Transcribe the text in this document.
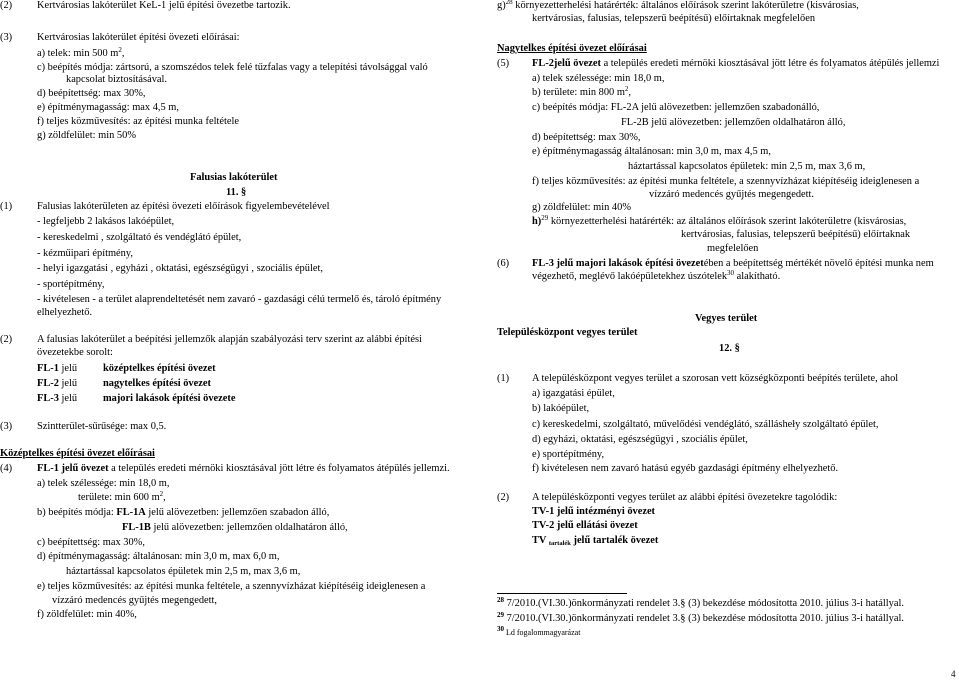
(2) Kertvárosias lakóterület KeL-1 jelű építési övezetbe tartozik.
(3) Kertvárosias lakóterület építési övezeti előírásai:
a) telek: min 500 $m^2$,
c) beépítés módja: zártsorú, a szomszédos telek felé tűzfalas vagy a telepítési távolsággal való
kapcsolat biztosításával.
d) beépítettség: max 30%,
e) építménymagasság: max 4,5 m,
f) teljes közművesítés: az építési munka feltétele
g) zöldfelület: min 50%
Falusias lakóterület
11. §
(1) Falusias lakóterületen az építési övezeti előírások figyelembevételével
- legfeljebb 2 lakásos lakóépület,
- kereskedelmi , szolgáltató és vendéglátó épület,
- kézműipari építmény,
- helyi igazgatási , egyházi , oktatási, egészségügyi , szociális épület,
- sportépítmény,
- kivételesen - a terület alaprendeltetését nem zavaró - gazdasági célú termelő és, tároló építmény
elhelyezhető.
(2) A falusias lakóterület a beépítési jellemzők alapján szabályozási terv szerint az alábbi építési
övezetekbe sorolt:
FL-1 jelű középtelkes építési övezet
FL-2 jelű nagytelkes építési övezet
FL-3 jelű majori lakások építési övezete
(3) Szintterület-sűrűsége: max 0,5.
Középtelkes építési övezet előírásai
(4) FL-1 jelű övezet a település eredeti mérnöki kiosztásával jött létre és folyamatos átépülés jellemzi.
a) telek szélessége: min 18,0 m,
területe: min 600 $m^2$,
b) beépítés módja: FL-1A jelű alövezetben: jellemzően szabadon álló,
FL-1B jelű alövezetben: jellemzően oldalhatáron álló,
c) beépítettség: max 30%,
d) építménymagasság: általánosan: min 3,0 m, max 6,0 m,
háztartással kapcsolatos épületek min 2,5 m, max 3,6 m,
e) teljes közművesítés: az építési munka feltétele, a szennyvízházat kiépítéséig ideiglenesen a
vízzáró medencés gyűjtés megengedett,
f) zöldfelület: min 40%,
g)$^{28}$ környezetterhelési határérték: általános előírások szerint lakóterületre (kisvárosias,
kertvárosias, falusias, telepszerű beépítésű) előírtaknak megfelelően
Nagytelkes építési övezet előírásai
(5) FL-2jelű övezet a település eredeti mérnöki kiosztásával jött létre és folyamatos átépülés jellemzi
a) telek szélessége: min 18,0 m,
b) területe: min 800 $m^2$,
c) beépítés módja: FL-2A jelű alövezetben: jellemzően szabadonálló,
FL-2B jelű alövezetben: jellemzően oldalhatáron álló,
d) beépítettség: max 30%,
e) építménymagasság általánosan: min 3,0 m, max 4,5 m,
háztartással kapcsolatos épületek: min 2,5 m, max 3,6 m,
f) teljes közművesítés: az építési munka feltétele, a szennyvízházat kiépítéséig ideiglenesen a
vízzáró medencés gyűjtés megengedett.
g) zöldfelület: min 40%
h)$^{29}$ környezetterhelési határérték: az általános előírások szerint lakóterületre (kisvárosias,
kertvárosias, falusias, telepszerű beépítésű) előírtaknak
megfelelően
(6) FL-3 jelű majori lakások építési övezetében a beépítettség mértékét növelő építési munka nem
végezhető, meglévő lakóépületekhez úszótelek$^{30}$ alakítható.
Vegyes terület
Településközpont vegyes terület
12. §
(1) A településközpont vegyes terület a szorosan vett községközponti beépítés területe, ahol
a) igazgatási épület,
b) lakóépület,
c) kereskedelmi, szolgáltató, művelődési vendéglátó, szállásheły szolgáltató épület,
d) egyházi, oktatási, egészségügyi , szociális épület,
e) sportépítmény,
f) kivételesen nem zavaró hatású egyéb gazdasági építmény elhelyezhető.
(2) A településközponti vegyes terület az alábbi építési övezetekre tagolódik:
TV-1 jelű intézményi övezet
TV-2 jelű ellátási övezet
TV $_{tartalék}$ jelű tartalék övezet
$^{28}$ 7/2010.(VI.30.)önkormányzati rendelet 3.§ (3) bekezdése módosította 2010. július 3-i hatállyal.
$^{29}$ 7/2010.(VI.30.)önkormányzati rendelet 3.§ (3) bekezdése módosította 2010. július 3-i hatállyal.
$^{30}$ Ld fogalommagyarázat
4
